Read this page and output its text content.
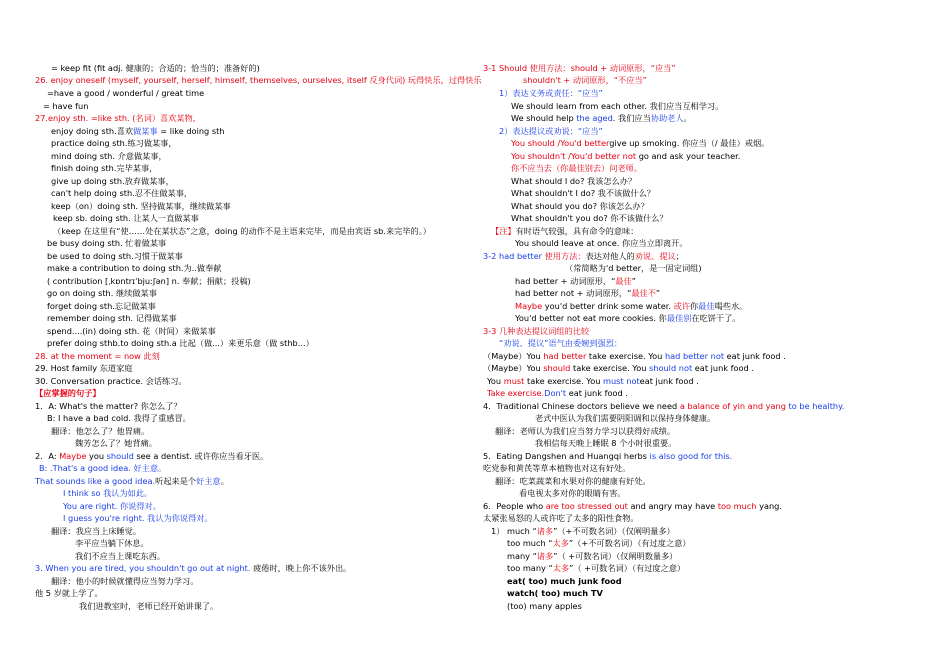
= keep fit (fit adj. 健康的；合适的；恰当的；准备好的)
26. enjoy oneself (myself, yourself, herself, himself, themselves, ourselves, itself 反身代词) 玩得快乐，过得快乐
=have a good / wonderful / great time
= have fun
27.enjoy sth. =like sth. (名词）喜欢某物,
enjoy doing sth.喜欢做某事 = like doing sth
practice doing sth.练习做某事，
mind doing sth. 介意做某事，
finish doing sth.完毕某事，
give up doing sth.放弃做某事，
can't help doing sth.忍不住做某事，
keep（on）doing sth. 坚持做某事，继续做某事
keep sb. doing sth. 让某人一直做某事
（keep 在这里有“使……处在某状态”之意，doing 的动作不是主语来完毕，而是由宾语 sb.来完毕的。）
be busy doing sth. 忙着做某事
be used to doing sth.习惯于做某事
make a contribution to doing sth.为..做奉献
( contribution [ˌkɒntrɪˈbjuːʃən] n. 奉献；捐献；投稿)
go on doing sth. 继续做某事
forget doing sth.忘记做某事
remember doing sth. 记得做某事
spend....(in) doing sth. 花（时间）来做某事
prefer doing sthb.to doing sth.a 比起（做...）来更乐意（做 sthb...）
28. at the moment = now 此刻
29. Host family 东道家庭
30. Conversation practice. 会话练习。
【应掌握的句子】
1．A: What's the matter? 你怎么了？
B: I have a bad cold. 我得了重感冒。
翻译：他怎么了？他胃痛。
魏芳怎么了？她背痛。
2．A: Maybe you should see a dentist. 或许你应当看牙医。
B: .That's a good idea. 好主意。
That sounds like a good idea.听起来是个好主意。
I think so 我认为如此。
You are right. 你说得对。
I guess you're right. 我认为你说得对。
翻译：我应当上床睡觉。
李平应当躺下休息。
我们不应当上课吃东西。
3. When you are tired, you shouldn't go out at night. 疲倦时，晚上你不该外出。
翻译：他小的时候就懂得应当努力学习。
他 5 岁就上学了。
我们进教室时，老师已经开始讲课了。
3-1 Should 使用方法：should + 动词原形，“应当”
shouldn't + 动词原形，“不应当”
1）表达义务或责任：“应当”
We should learn from each other. 我们应当互相学习。
We should help the aged. 我们应当协助老人。
2）表达提议或劝说：“应当”
You should /You'd bettergive up smoking. 你应当（/ 最佳）戒烟。
You shouldn't /You'd better not go and ask your teacher.
你不应当去（你最佳别去）问老师。
What should I do? 我该怎么办？
What shouldn't I do? 我不该做什么？
What should you do? 你该怎么办？
What shouldn't you do? 你不该做什么？
【注】有时语气较强，具有命令的意味：
You should leave at once. 你应当立即离开。
3-2 had better 使用方法：表达对他人的劝说、提议；
（常简略为'd better，是一固定词组)
had better + 动词原形，“最佳”
had better not + 动词原形，“最佳不”
Maybe you'd better drink some water. 或许你最佳喝些水。
You'd better not eat more cookies. 你最佳别在吃饼干了。
3-3 几种表达提议词组的比较
“劝说、提议”语气由委婉到强烈：
（Maybe）You had better take exercise. You had better not eat junk food .
（Maybe）You should take exercise. You should not eat junk food .
You must take exercise. You must noteat junk food .
Take exercise.Don't eat junk food .
4．Traditional Chinese doctors believe we need a balance of yin and yang to be healthy.
老式中医认为我们需要阴阳调和以保持身体健康。
翻译：老师认为我们应当努力学习以获得好成绩。
我相信每天晚上睡眠 8 个小时很重要。
5．Eating Dangshen and Huangqi herbs is also good for this.
吃党参和黄芪等草本植物也对这有好处。
翻译：吃菜蔬菜和水果对你的健康有好处。
看电视太多对你的眼睛有害。
6．People who are too stressed out and angry may have too much yang.
太紧张易怒的人或许吃了太多的阳性食物。
1） much “诸多”（+不可数名词）（仅阐明量多）
too much “太多”（+不可数名词）（有过度之意）
many “诸多”（ +可数名词）（仅阐明数量多）
too many “太多”（ +可数名词）（有过度之意）
eat( too) much junk food
watch( too) much TV
(too) many apples
